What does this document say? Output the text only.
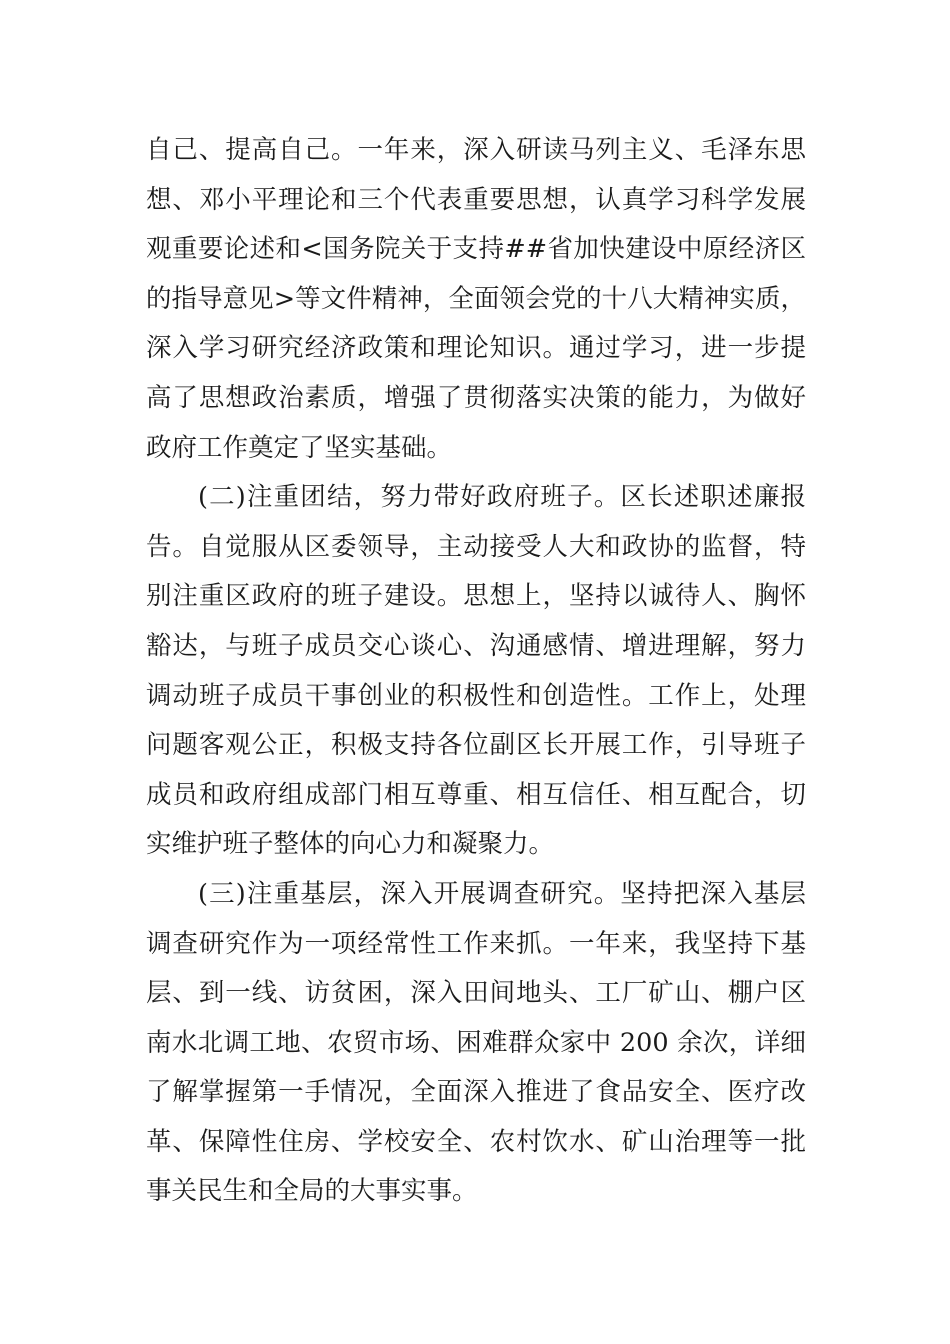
自己、提高自己。一年来，深入研读马列主义、毛泽东思
想、邓小平理论和三个代表重要思想，认真学习科学发展
观重要论述和<国务院关于支持##省加快建设中原经济区
的指导意见>等文件精神，全面领会党的十八大精神实质，
深入学习研究经济政策和理论知识。通过学习，进一步提
高了思想政治素质，增强了贯彻落实决策的能力，为做好
政府工作奠定了坚实基础。
(二)注重团结，努力带好政府班子。区长述职述廉报
告。自觉服从区委领导，主动接受人大和政协的监督，特
别注重区政府的班子建设。思想上，坚持以诚待人、胸怀
豁达，与班子成员交心谈心、沟通感情、增进理解，努力
调动班子成员干事创业的积极性和创造性。工作上，处理
问题客观公正，积极支持各位副区长开展工作，引导班子
成员和政府组成部门相互尊重、相互信任、相互配合，切
实维护班子整体的向心力和凝聚力。
(三)注重基层，深入开展调查研究。坚持把深入基层
调查研究作为一项经常性工作来抓。一年来，我坚持下基
层、到一线、访贫困，深入田间地头、工厂矿山、棚户区
南水北调工地、农贸市场、困难群众家中 200 余次，详细
了解掌握第一手情况，全面深入推进了食品安全、医疗改
革、保障性住房、学校安全、农村饮水、矿山治理等一批
事关民生和全局的大事实事。
